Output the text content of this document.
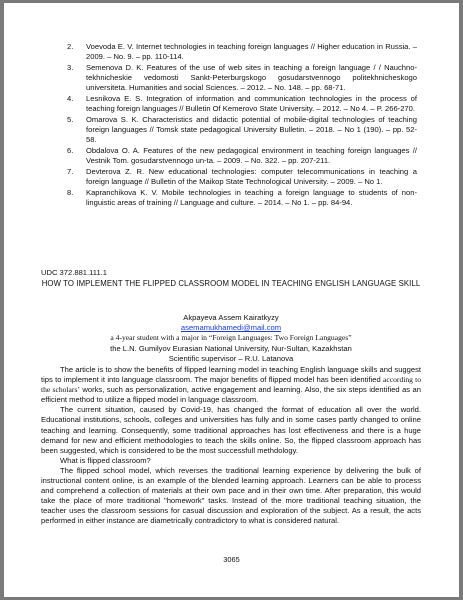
2. Voevoda E. V. Internet technologies in teaching foreign languages // Higher education in Russia. – 2009. – No. 9. – pp. 110-114.
3. Semenova D. K. Features of the use of web sites in teaching a foreign language / / Nauchno-tekhnicheskie vedomosti Sankt-Peterburgskogo gosudarstvennogo politekhnicheskogo universiteta. Humanities and social Sciences. – 2012. – No. 148. – pp. 68-71.
4. Lesnikova E. S. Integration of information and communication technologies in the process of teaching foreign languages // Bulletin Of Kemerovo State University. – 2012. – No 4. – P. 266-270.
5. Omarova S. K. Characteristics and didactic potential of mobile-digital technologies of teaching foreign languages // Tomsk state pedagogical University Bulletin. – 2018. – No 1 (190). – pp. 52-58.
6. Obdalova O. A. Features of the new pedagogical environment in teaching foreign languages // Vestnik Tom. gosudarstvennogo un-ta. – 2009. – No. 322. – pp. 207-211.
7. Devterova Z. R. New educational technologies: computer telecommunications in teaching a foreign language // Bulletin of the Maikop State Technological University. – 2009. – No 1.
8. Kapranchikova K. V. Mobile technologies in teaching a foreign language to students of non-linguistic areas of training // Language and culture. – 2014. – No 1. – pp. 84-94.
UDC 372.881.111.1
HOW TO IMPLEMENT THE FLIPPED CLASSROOM MODEL IN TEACHING ENGLISH LANGUAGE SKILL
Akpayeva Assem Kairatkyzy
asemamukhamedi@mail.com
a 4-year student with a major in “Foreign Languages: Two Foreign Languages”
the L.N. Gumilyov Eurasian National University, Nur-Sultan, Kazakhstan
Scientific supervisor – R.U. Latanova

The article is to show the benefits of flipped learning model in teaching English language skills and suggest tips to implement it into language classroom. The major benefits of flipped model has been identified according to the scholars’ works, such as personalization, active engagement and learning. Also, the six steps identified as an efficient method to utilize a flipped model in language classroom.

The current situation, caused by Covid-19, has changed the format of education all over the world. Educational institutions, schools, colleges and universities has fully and in some cases partly changed to online teaching and learning. Consequently, some traditional approaches has lost effectiveness and there is a huge demand for new and efficient methodologies to teach the skills online. So, the flipped classroom approach has been suggested, which is considered to be the most successfull methdology.

What is flipped classroom?

The flipped school model, which reverses the traditional learning experience by delivering the bulk of instructional content online, is an example of the blended learning approach. Learners can be able to process and comprehend a collection of materials at their own pace and in their own time. After preparation, this would take the place of more traditional "homework" tasks. Instead of the more traditional teaching situation, the teacher uses the classroom sessions for casual discussion and exploration of the subject. As a result, the acts performed in either instance are diametrically contradictory to what is considered natural.

3065
